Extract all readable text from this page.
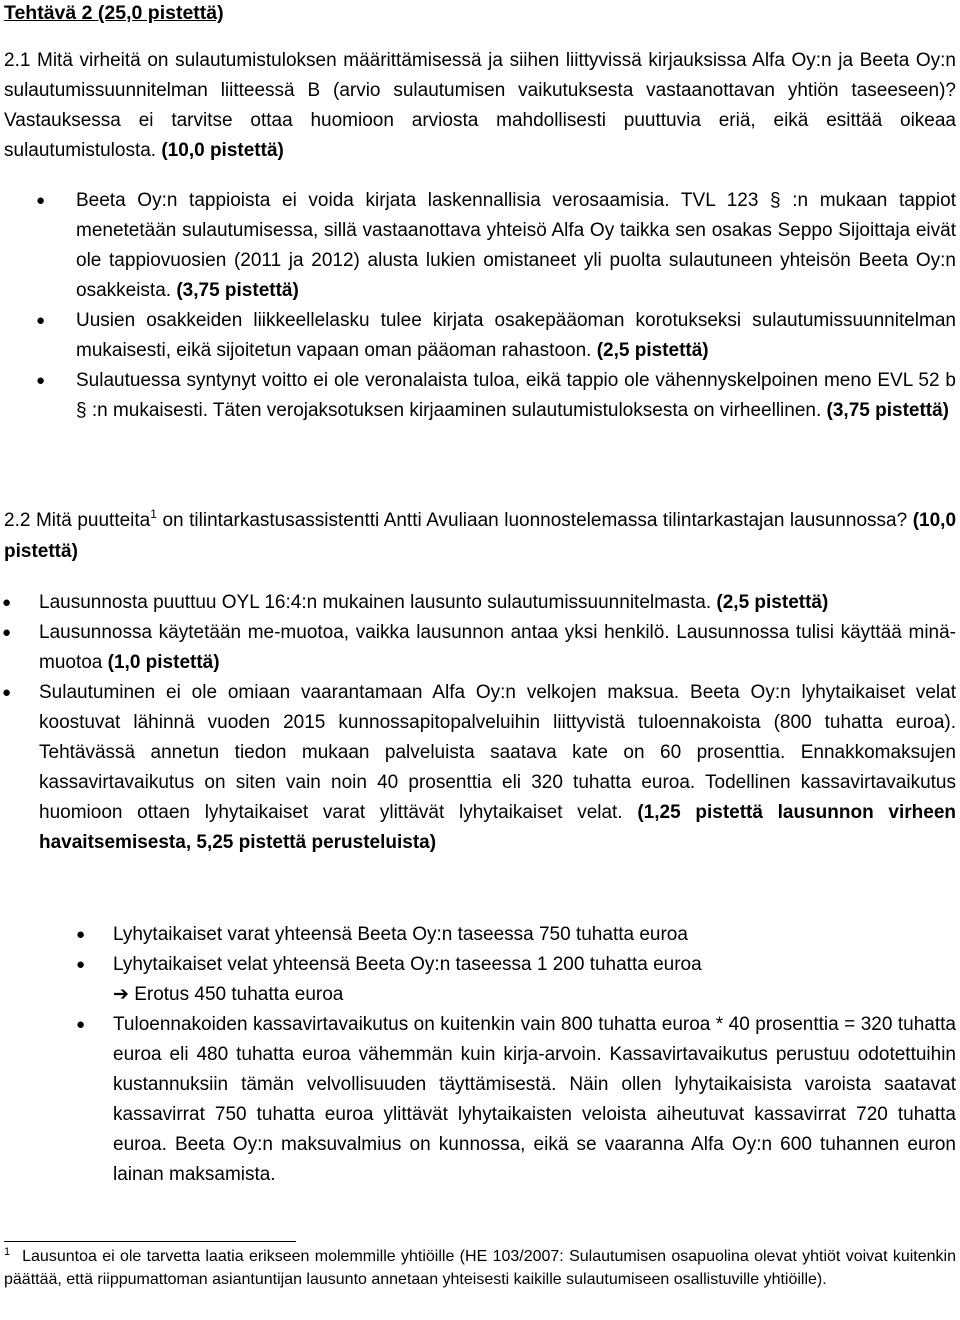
Tehtävä 2 (25,0 pistettä)
2.1 Mitä virheitä on sulautumistuloksen määrittämisessä ja siihen liittyvissä kirjauksissa Alfa Oy:n ja Beeta Oy:n sulautumissuunnitelman liitteessä B (arvio sulautumisen vaikutuksesta vastaanottavan yhtiön taseeseen)? Vastauksessa ei tarvitse ottaa huomioon arviosta mahdollisesti puuttuvia eriä, eikä esittää oikeaa sulautumistulosta. (10,0 pistettä)
● Beeta Oy:n tappioista ei voida kirjata laskennallisia verosaamisia. TVL 123 § :n mukaan tappiot menetetään sulautumisessa, sillä vastaanottava yhteisö Alfa Oy taikka sen osakas Seppo Sijoittaja eivät ole tappiovuosien (2011 ja 2012) alusta lukien omistaneet yli puolta sulautuneen yhteisön Beeta Oy:n osakkeista. (3,75 pistettä)
● Uusien osakkeiden liikkeellelasku tulee kirjata osakepääoman korotukseksi sulautumissuunnitelman mukaisesti, eikä sijoitetun vapaan oman pääoman rahastoon. (2,5 pistettä)
● Sulautuessa syntynyt voitto ei ole veronalaista tuloa, eikä tappio ole vähennyskelpoinen meno EVL 52 b § :n mukaisesti. Täten verojaksotuksen kirjaaminen sulautumistuloksesta on virheellinen. (3,75 pistettä)
2.2 Mitä puutteita$^1$ on tilintarkastusassistentti Antti Avuliaan luonnostelemassa tilintarkastajan lausunnossa? (10,0 pistettä)
● Lausunnosta puuttuu OYL 16:4:n mukainen lausunto sulautumissuunnitelmasta. (2,5 pistettä)
● Lausunnossa käytetään me-muotoa, vaikka lausunnon antaa yksi henkilö. Lausunnossa tulisi käyttää minä-muotoa (1,0 pistettä)
● Sulautuminen ei ole omiaan vaarantamaan Alfa Oy:n velkojen maksua. Beeta Oy:n lyhytaikaiset velat koostuvat lähinnä vuoden 2015 kunnossapitopalveluihin liittyvistä tuloennakoista (800 tuhatta euroa). Tehtävässä annetun tiedon mukaan palveluista saatava kate on 60 prosenttia. Ennakkomaksujen kassavirtavaikutus on siten vain noin 40 prosenttia eli 320 tuhatta euroa. Todellinen kassavirtavaikutus huomioon ottaen lyhytaikaiset varat ylittävät lyhytaikaiset velat. (1,25 pistettä lausunnon virheen havaitsemisesta, 5,25 pistettä perusteluista)
● Lyhytaikaiset varat yhteensä Beeta Oy:n taseessa 750 tuhatta euroa
● Lyhytaikaiset velat yhteensä Beeta Oy:n taseessa 1 200 tuhatta euroa
➔ Erotus 450 tuhatta euroa
● Tuloennakoiden kassavirtavaikutus on kuitenkin vain 800 tuhatta euroa * 40 prosenttia = 320 tuhatta euroa eli 480 tuhatta euroa vähemmän kuin kirja-arvoin. Kassavirtavaikutus perustuu odotettuihin kustannuksiin tämän velvollisuuden täyttämisestä. Näin ollen lyhytaikaisista varoista saatavat kassavirrat 750 tuhatta euroa ylittävät lyhytaikaisten veloista aiheutuvat kassavirrat 720 tuhatta euroa. Beeta Oy:n maksuvalmius on kunnossa, eikä se vaaranna Alfa Oy:n 600 tuhannen euron lainan maksamista.
$^1$ Lausuntoa ei ole tarvetta laatia erikseen molemmille yhtiöille (HE 103/2007: Sulautumisen osapuolina olevat yhtiöt voivat kuitenkin päättää, että riippumattoman asiantuntijan lausunto annetaan yhteisesti kaikille sulautumiseen osallistuville yhtiöille).
